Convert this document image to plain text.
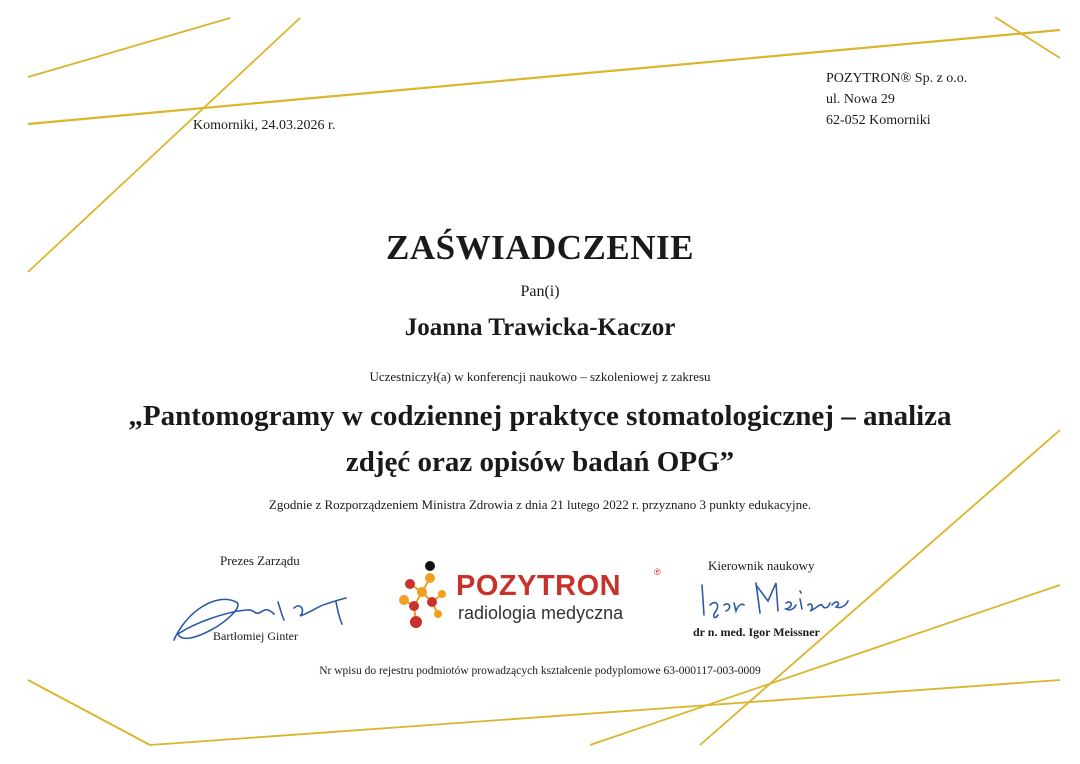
Komorniki, 24.03.2026 r.
POZYTRON® Sp. z o.o.
ul. Nowa 29
62-052 Komorniki
ZAŚWIADCZENIE
Pan(i)
Joanna Trawicka-Kaczor
Uczestniczył(a) w konferencji naukowo – szkoleniowej z zakresu
„Pantomogramy w codziennej praktyce stomatologicznej – analiza
zdjęć oraz opisów badań OPG”
Zgodnie z Rozporządzeniem Ministra Zdrowia z dnia 21 lutego 2022 r. przyznano 3 punkty edukacyjne.
Prezes Zarządu
Bartłomiej Ginter
POZYTRON	®
radiologia medyczna
Kierownik naukowy
dr n. med. Igor Meissner
Nr wpisu do rejestru podmiotów prowadzących kształcenie podyplomowe 63-000117-003-0009
